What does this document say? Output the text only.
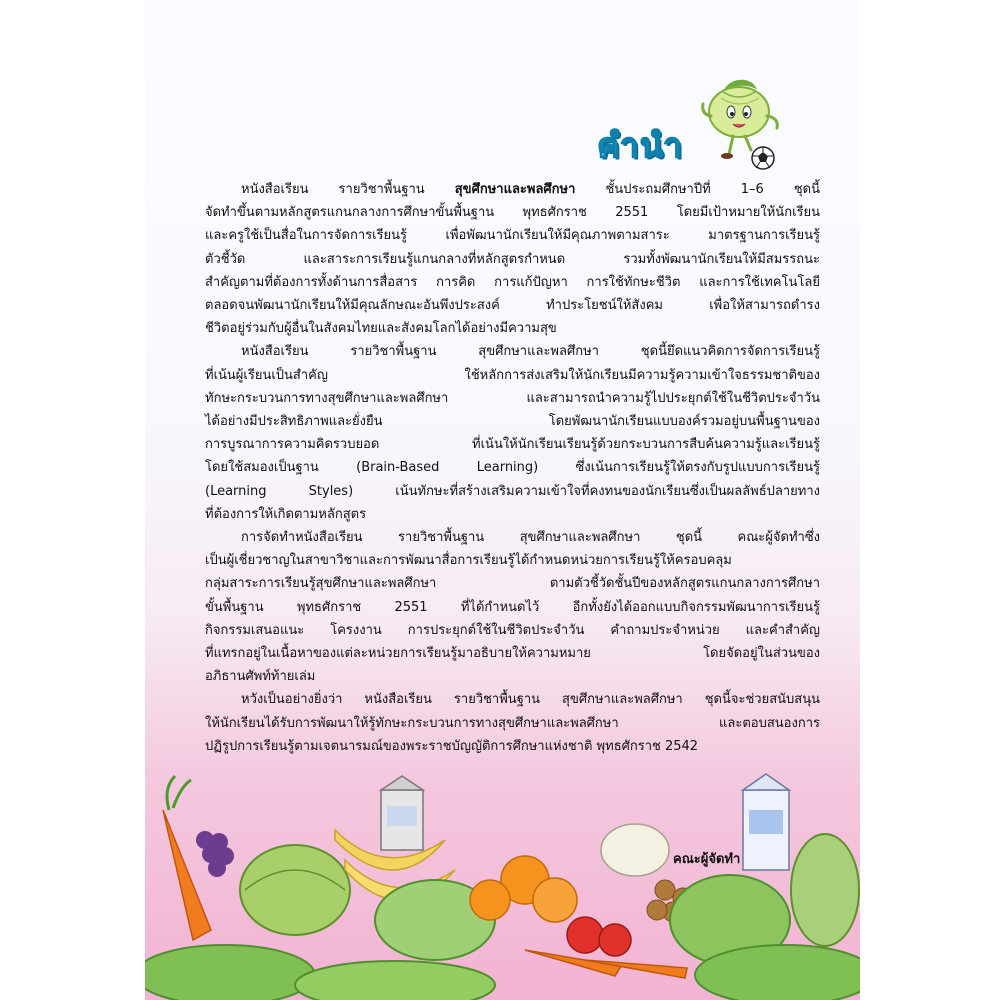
คำนำ
หนังสือเรียน รายวิชาพื้นฐาน สุขศึกษาและพลศึกษา ชั้นประถมศึกษาปีที่ 1–6 ชุดนี้
จัดทำขึ้นตามหลักสูตรแกนกลางการศึกษาขั้นพื้นฐาน พุทธศักราช 2551 โดยมีเป้าหมายให้นักเรียน
และครูใช้เป็นสื่อในการจัดการเรียนรู้ เพื่อพัฒนานักเรียนให้มีคุณภาพตามสาระ มาตรฐานการเรียนรู้
ตัวชี้วัด และสาระการเรียนรู้แกนกลางที่หลักสูตรกำหนด รวมทั้งพัฒนานักเรียนให้มีสมรรถนะ
สำคัญตามที่ต้องการทั้งด้านการสื่อสาร การคิด การแก้ปัญหา การใช้ทักษะชีวิต และการใช้เทคโนโลยี
ตลอดจนพัฒนานักเรียนให้มีคุณลักษณะอันพึงประสงค์ ทำประโยชน์ให้สังคม เพื่อให้สามารถดำรง
ชีวิตอยู่ร่วมกับผู้อื่นในสังคมไทยและสังคมโลกได้อย่างมีความสุข
หนังสือเรียน รายวิชาพื้นฐาน สุขศึกษาและพลศึกษา ชุดนี้ยึดแนวคิดการจัดการเรียนรู้
ที่เน้นผู้เรียนเป็นสำคัญ ใช้หลักการส่งเสริมให้นักเรียนมีความรู้ความเข้าใจธรรมชาติของ
ทักษะกระบวนการทางสุขศึกษาและพลศึกษา และสามารถนำความรู้ไปประยุกต์ใช้ในชีวิตประจำวัน
ได้อย่างมีประสิทธิภาพและยั่งยืน โดยพัฒนานักเรียนแบบองค์รวมอยู่บนพื้นฐานของ
การบูรณาการความคิดรวบยอด ที่เน้นให้นักเรียนเรียนรู้ด้วยกระบวนการสืบค้นความรู้และเรียนรู้
โดยใช้สมองเป็นฐาน (Brain-Based Learning) ซึ่งเน้นการเรียนรู้ให้ตรงกับรูปแบบการเรียนรู้
(Learning Styles) เน้นทักษะที่สร้างเสริมความเข้าใจที่คงทนของนักเรียนซึ่งเป็นผลลัพธ์ปลายทาง
ที่ต้องการให้เกิดตามหลักสูตร
การจัดทำหนังสือเรียน รายวิชาพื้นฐาน สุขศึกษาและพลศึกษา ชุดนี้ คณะผู้จัดทำซึ่ง
เป็นผู้เชี่ยวชาญในสาขาวิชาและการพัฒนาสื่อการเรียนรู้ได้กำหนดหน่วยการเรียนรู้ให้ครอบคลุม
กลุ่มสาระการเรียนรู้สุขศึกษาและพลศึกษา ตามตัวชี้วัดชั้นปีของหลักสูตรแกนกลางการศึกษา
ขั้นพื้นฐาน พุทธศักราช 2551 ที่ได้กำหนดไว้ อีกทั้งยังได้ออกแบบกิจกรรมพัฒนาการเรียนรู้
กิจกรรมเสนอแนะ โครงงาน การประยุกต์ใช้ในชีวิตประจำวัน คำถามประจำหน่วย และคำสำคัญ
ที่แทรกอยู่ในเนื้อหาของแต่ละหน่วยการเรียนรู้มาอธิบายให้ความหมาย โดยจัดอยู่ในส่วนของ
อภิธานศัพท์ท้ายเล่ม
หวังเป็นอย่างยิ่งว่า หนังสือเรียน รายวิชาพื้นฐาน สุขศึกษาและพลศึกษา ชุดนี้จะช่วยสนับสนุน
ให้นักเรียนได้รับการพัฒนาให้รู้ทักษะกระบวนการทางสุขศึกษาและพลศึกษา และตอบสนองการ
ปฏิรูปการเรียนรู้ตามเจตนารมณ์ของพระราชบัญญัติการศึกษาแห่งชาติ พุทธศักราช 2542
คณะผู้จัดทำ
